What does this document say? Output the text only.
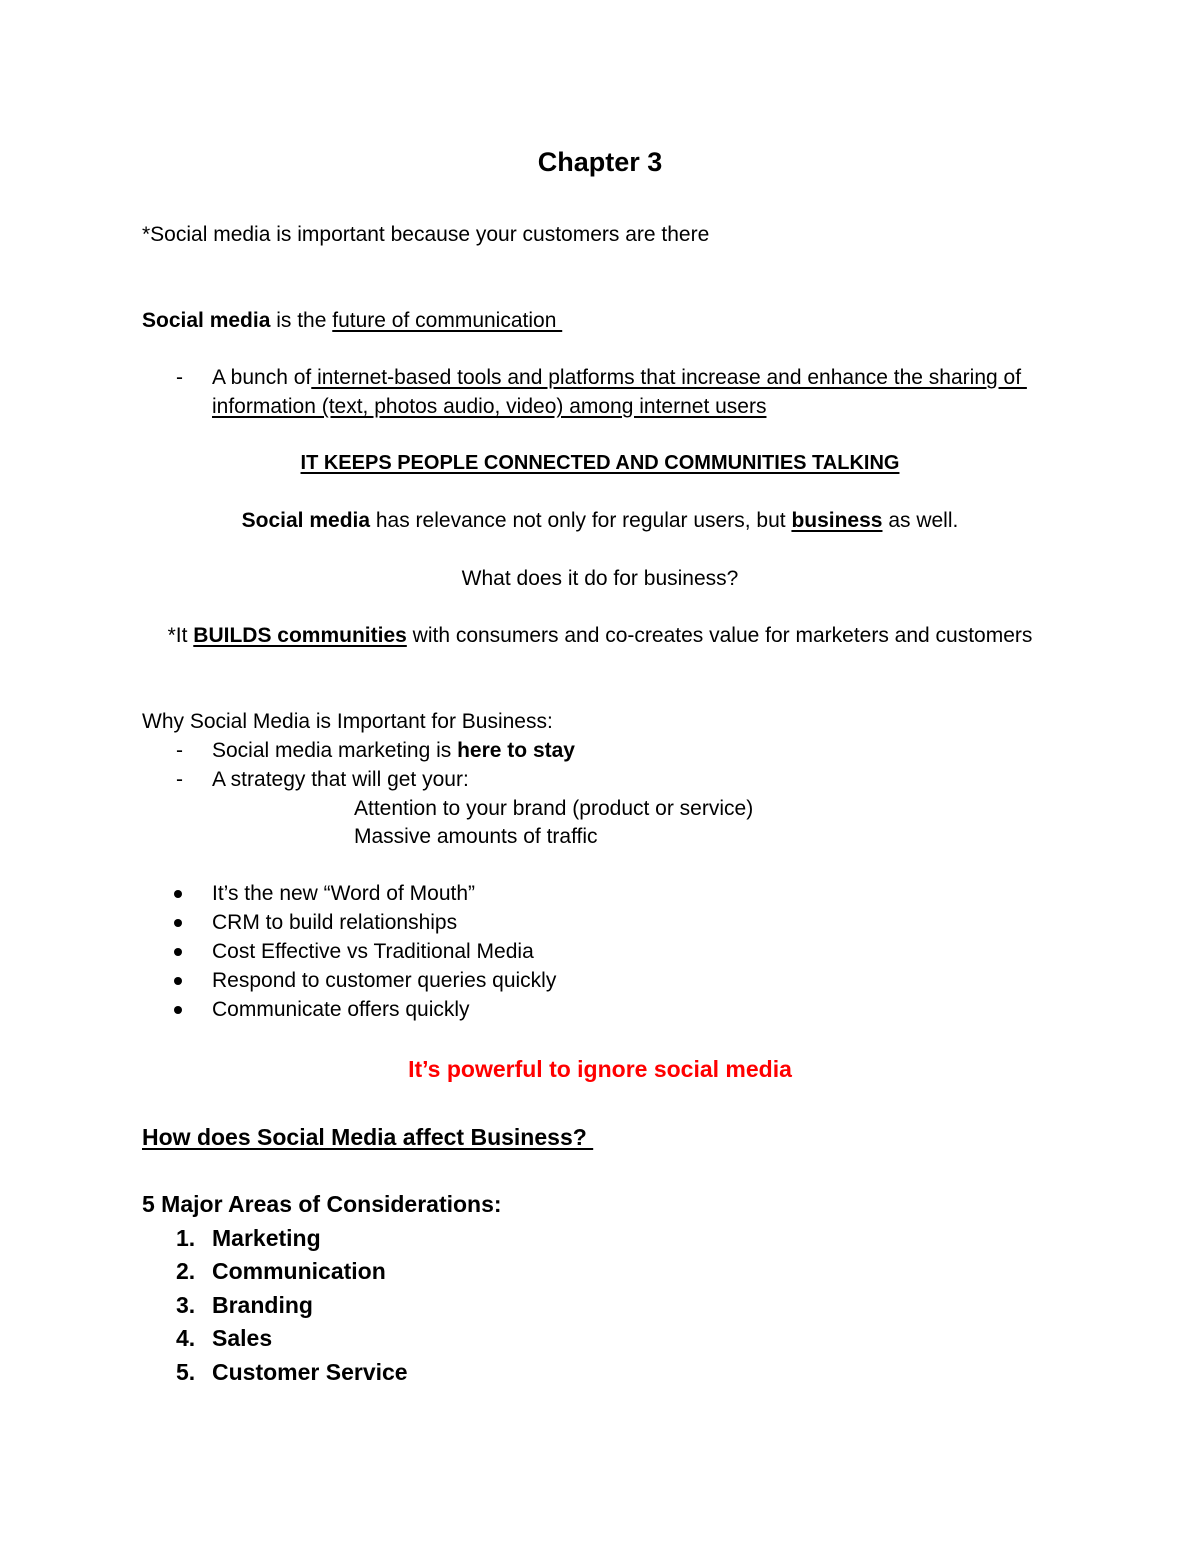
Chapter 3
*Social media is important because your customers are there
Social media is the future of communication
- A bunch of internet-based tools and platforms that increase and enhance the sharing of
information (text, photos audio, video) among internet users
IT KEEPS PEOPLE CONNECTED AND COMMUNITIES TALKING
Social media has relevance not only for regular users, but business as well.
What does it do for business?
*It BUILDS communities with consumers and co-creates value for marketers and customers
Why Social Media is Important for Business:
- Social media marketing is here to stay
- A strategy that will get your:
Attention to your brand (product or service)
Massive amounts of traffic
It’s the new “Word of Mouth”
CRM to build relationships
Cost Effective vs Traditional Media
Respond to customer queries quickly
Communicate offers quickly
It’s powerful to ignore social media
How does Social Media affect Business?
5 Major Areas of Considerations:
1. Marketing
2. Communication
3. Branding
4. Sales
5. Customer Service
